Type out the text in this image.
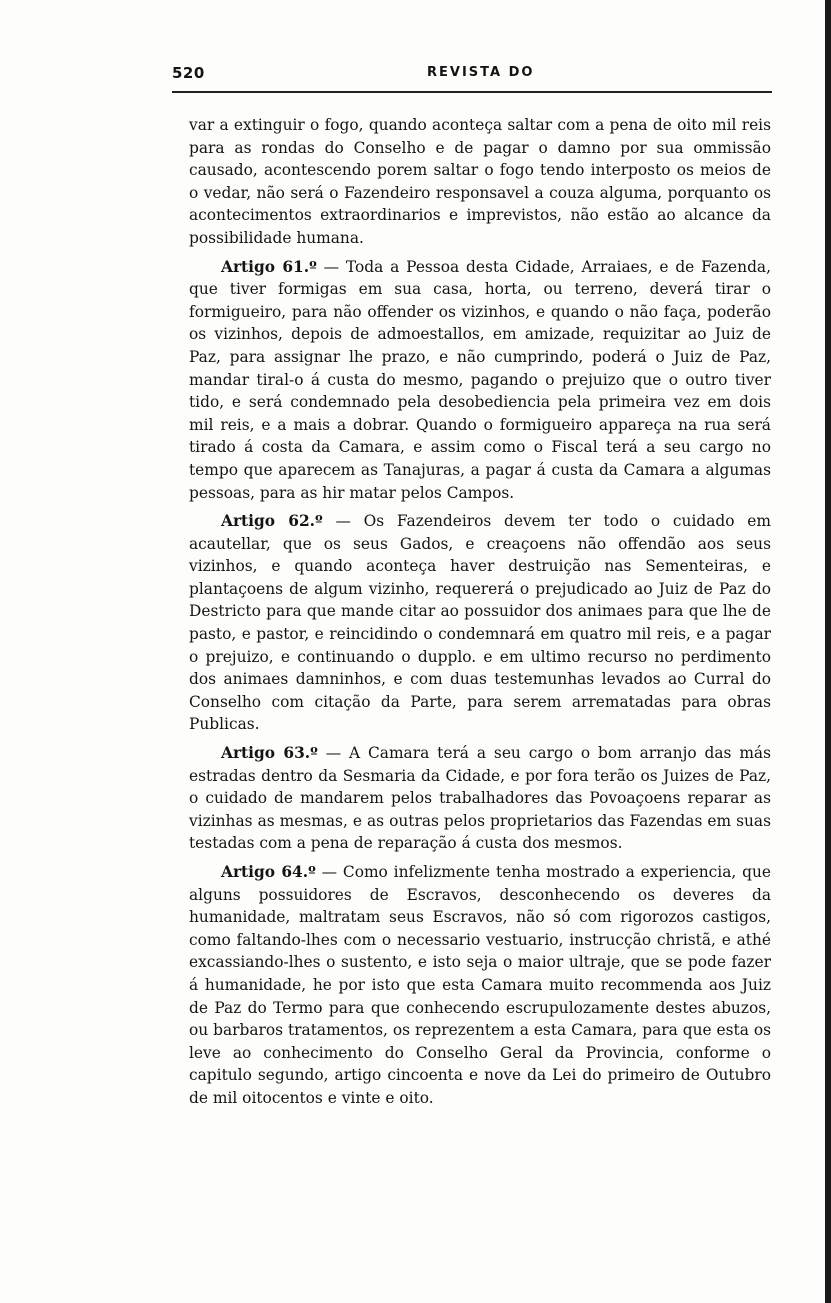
520	REVISTA DO

var a extinguir o fogo, quando aconteça saltar com a pena de oito mil reis para as rondas do Conselho e de pagar o damno por sua ommissão causado, acontescendo porem saltar o fogo tendo interposto os meios de o vedar, não será o Fazendeiro responsavel a couza alguma, porquanto os acontecimentos extraordinarios e imprevistos, não estão ao alcance da possibilidade humana.

Artigo 61.º — Toda a Pessoa desta Cidade, Arraiaes, e de Fazenda, que tiver formigas em sua casa, horta, ou terreno, deverá tirar o formigueiro, para não offender os vizinhos, e quando o não faça, poderão os vizinhos, depois de admoestallos, em amizade, requizitar ao Juiz de Paz, para assignar lhe prazo, e não cumprindo, poderá o Juiz de Paz, mandar tiral-o á custa do mesmo, pagando o prejuizo que o outro tiver tido, e será condemnado pela desobediencia pela primeira vez em dois mil reis, e a mais a dobrar. Quando o formigueiro appareça na rua será tirado á costa da Camara, e assim como o Fiscal terá a seu cargo no tempo que aparecem as Tanajuras, a pagar á custa da Camara a algumas pessoas, para as hir matar pelos Campos.

Artigo 62.º — Os Fazendeiros devem ter todo o cuidado em acautellar, que os seus Gados, e creaçoens não offendão aos seus vizinhos, e quando aconteça haver destruição nas Sementeiras, e plantaçoens de algum vizinho, requererá o prejudicado ao Juiz de Paz do Destricto para que mande citar ao possuidor dos animaes para que lhe de pasto, e pastor, e reincidindo o condemnará em quatro mil reis, e a pagar o prejuizo, e continuando o dupplo. e em ultimo recurso no perdimento dos animaes damninhos, e com duas testemunhas levados ao Curral do Conselho com citação da Parte, para serem arrematadas para obras Publicas.

Artigo 63.º — A Camara terá a seu cargo o bom arranjo das más estradas dentro da Sesmaria da Cidade, e por fora terão os Juizes de Paz, o cuidado de mandarem pelos trabalhadores das Povoaçoens reparar as vizinhas as mesmas, e as outras pelos proprietarios das Fazendas em suas testadas com a pena de reparação á custa dos mesmos.

Artigo 64.º — Como infelizmente tenha mostrado a experiencia, que alguns possuidores de Escravos, desconhecendo os deveres da humanidade, maltratam seus Escravos, não só com rigorozos castigos, como faltando-lhes com o necessario vestuario, instrucção christã, e athé excassiando-lhes o sustento, e isto seja o maior ultraje, que se pode fazer á humanidade, he por isto que esta Camara muito recommenda aos Juiz de Paz do Termo para que conhecendo escrupulozamente destes abuzos, ou barbaros tratamentos, os reprezentem a esta Camara, para que esta os leve ao conhecimento do Conselho Geral da Provincia, conforme o capitulo segundo, artigo cincoenta e nove da Lei do primeiro de Outubro de mil oitocentos e vinte e oito.
